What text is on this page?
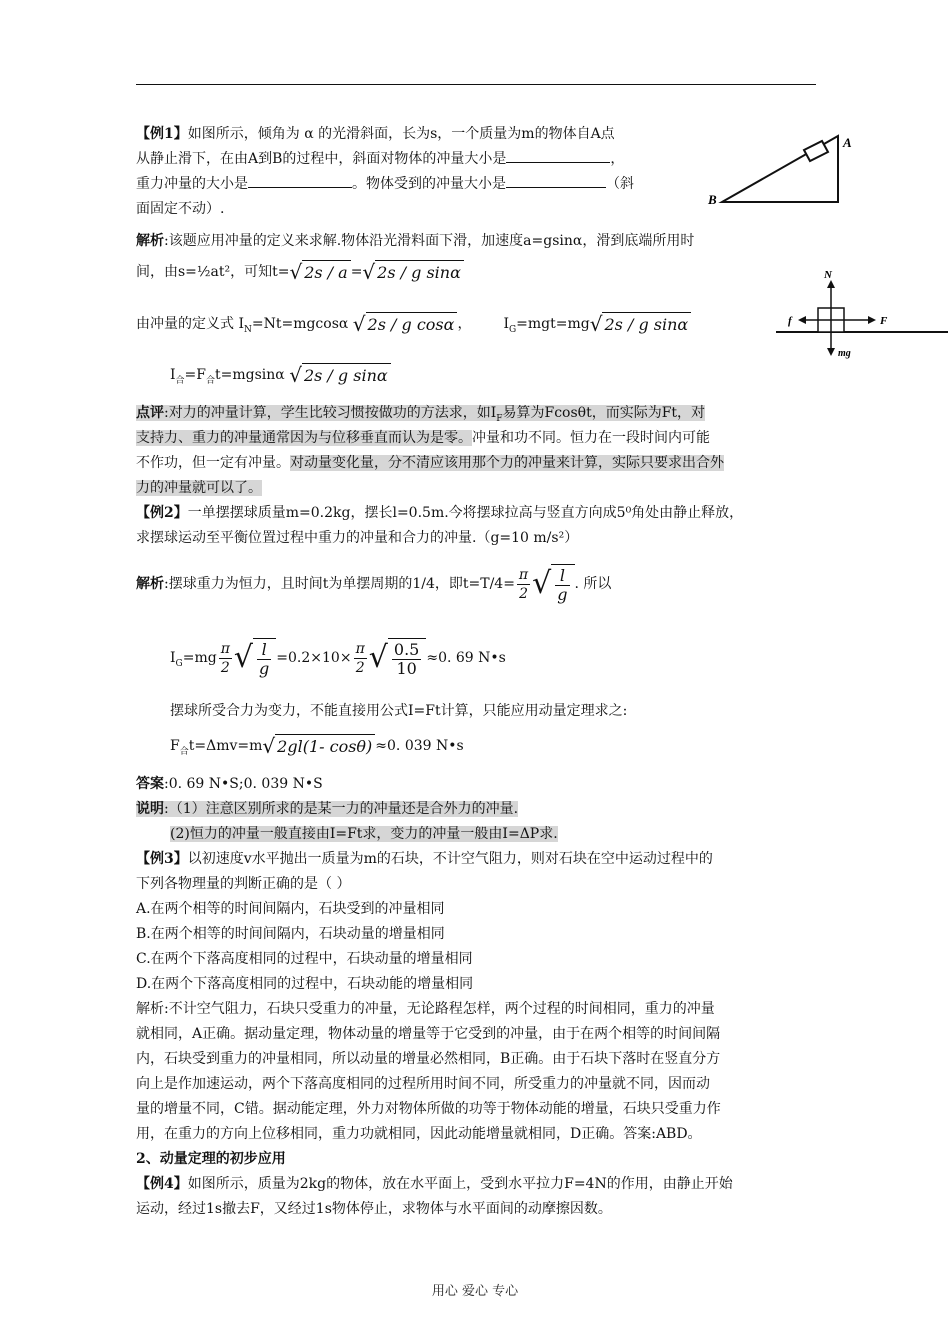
【例1】如图所示，倾角为 α 的光滑斜面，长为s，一个质量为m的物体自A点
从静止滑下，在由A到B的过程中，斜面对物体的冲量大小是	，
重力冲量的大小是	。物体受到的冲量大小是	（斜
面固定不动）.
A
B
解析:该题应用冲量的定义来求解.物体沿光滑料面下滑，加速度a=gsinα，滑到底端所用时
间，由s=½at²，可知t= √ 2s / a = √ 2s / g sinα
由冲量的定义式 $I_N=Nt=mgcos\alpha$ √ 2s / g cosα ， $I_G=mgt=mg$ √ 2s / g sinα
N
f	F
mg
$I_合=F_合t=mgsin\alpha$ √ 2s / g sinα
点评:对力的冲量计算，学生比较习惯按做功的方法求，如$I_F$易算为Fcosθt，而实际为Ft，对
支持力、重力的冲量通常因为与位移垂直而认为是零。冲量和功不同。恒力在一段时间内可能
不作功，但一定有冲量。对动量变化量，分不清应该用那个力的冲量来计算，实际只要求出合外
力的冲量就可以了。
【例2】一单摆摆球质量m=0.2kg，摆长l=0.5m.今将摆球拉高与竖直方向成5⁰角处由静止释放，
求摆球运动至平衡位置过程中重力的冲量和合力的冲量.（g=10 m/s²）
解析:摆球重力为恒力，且时间t为单摆周期的1/4，即$t=T/4= \frac{\pi}{2}$ √ $\frac{l}{g}$ . 所以
$I_G=mg \frac{\pi}{2}$ √ $\frac{l}{g} =0.2\times 10\times \frac{\pi}{2}$ √ $\frac{0.5}{10} \approx 0$. 69 N•s
摆球所受合力为变力，不能直接用公式I=Ft计算，只能应用动量定理求之:
$F_合t=\Delta mv=m$ √ 2gl(1- cosθ) ≈0. 039 N•s
答案:0. 69 N•S;0. 039 N•S
说明:（1）注意区别所求的是某一力的冲量还是合外力的冲量.
(2)恒力的冲量一般直接由I=Ft求，变力的冲量一般由I=ΔP求.
【例3】以初速度v水平抛出一质量为m的石块，不计空气阻力，则对石块在空中运动过程中的
下列各物理量的判断正确的是（ ）
A.在两个相等的时间间隔内，石块受到的冲量相同
B.在两个相等的时间间隔内，石块动量的增量相同
C.在两个下落高度相同的过程中，石块动量的增量相同
D.在两个下落高度相同的过程中，石块动能的增量相同
解析:不计空气阻力，石块只受重力的冲量，无论路程怎样，两个过程的时间相同，重力的冲量
就相同，A正确。据动量定理，物体动量的增量等于它受到的冲量，由于在两个相等的时间间隔
内，石块受到重力的冲量相同，所以动量的增量必然相同，B正确。由于石块下落时在竖直分方
向上是作加速运动，两个下落高度相同的过程所用时间不同，所受重力的冲量就不同，因而动
量的增量不同，C错。据动能定理，外力对物体所做的功等于物体动能的增量，石块只受重力作
用，在重力的方向上位移相同，重力功就相同，因此动能增量就相同，D正确。答案:ABD。
2、动量定理的初步应用
【例4】如图所示，质量为2kg的物体，放在水平面上，受到水平拉力F=4N的作用，由静止开始
运动，经过1s撤去F，又经过1s物体停止，求物体与水平面间的动摩擦因数。
用心 爱心 专心
